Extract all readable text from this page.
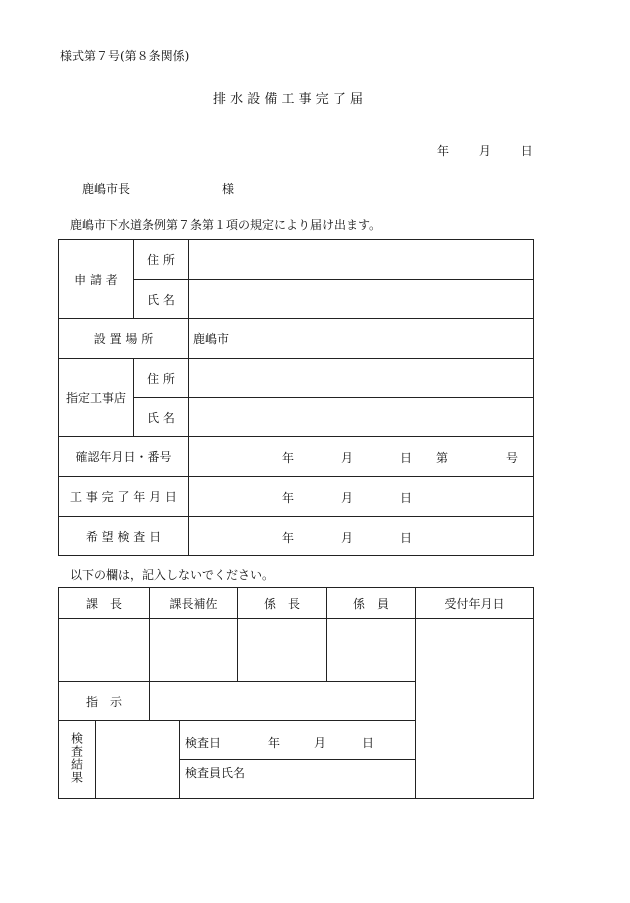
様式第７号(第８条関係)
排 水 設 備 工 事 完 了 届
年 月 日
鹿嶋市長	様
鹿嶋市下水道条例第７条第１項の規定により届け出ます。
申 請 者	住 所	
	氏 名	
設 置 場 所		鹿嶋市
指定工事店	住 所	
	氏 名	
確認年月日・番号		年 月 日 第 号

工 事 完 了 年 月 日		年 月 日

希 望 検 査 日		年 月 日
以下の欄は，記入しないでください。
課　長		課長補佐		係　長	係　員	受付年月日

指　示						
検査結果			検査日 年 月 日			

			検査員氏名			
